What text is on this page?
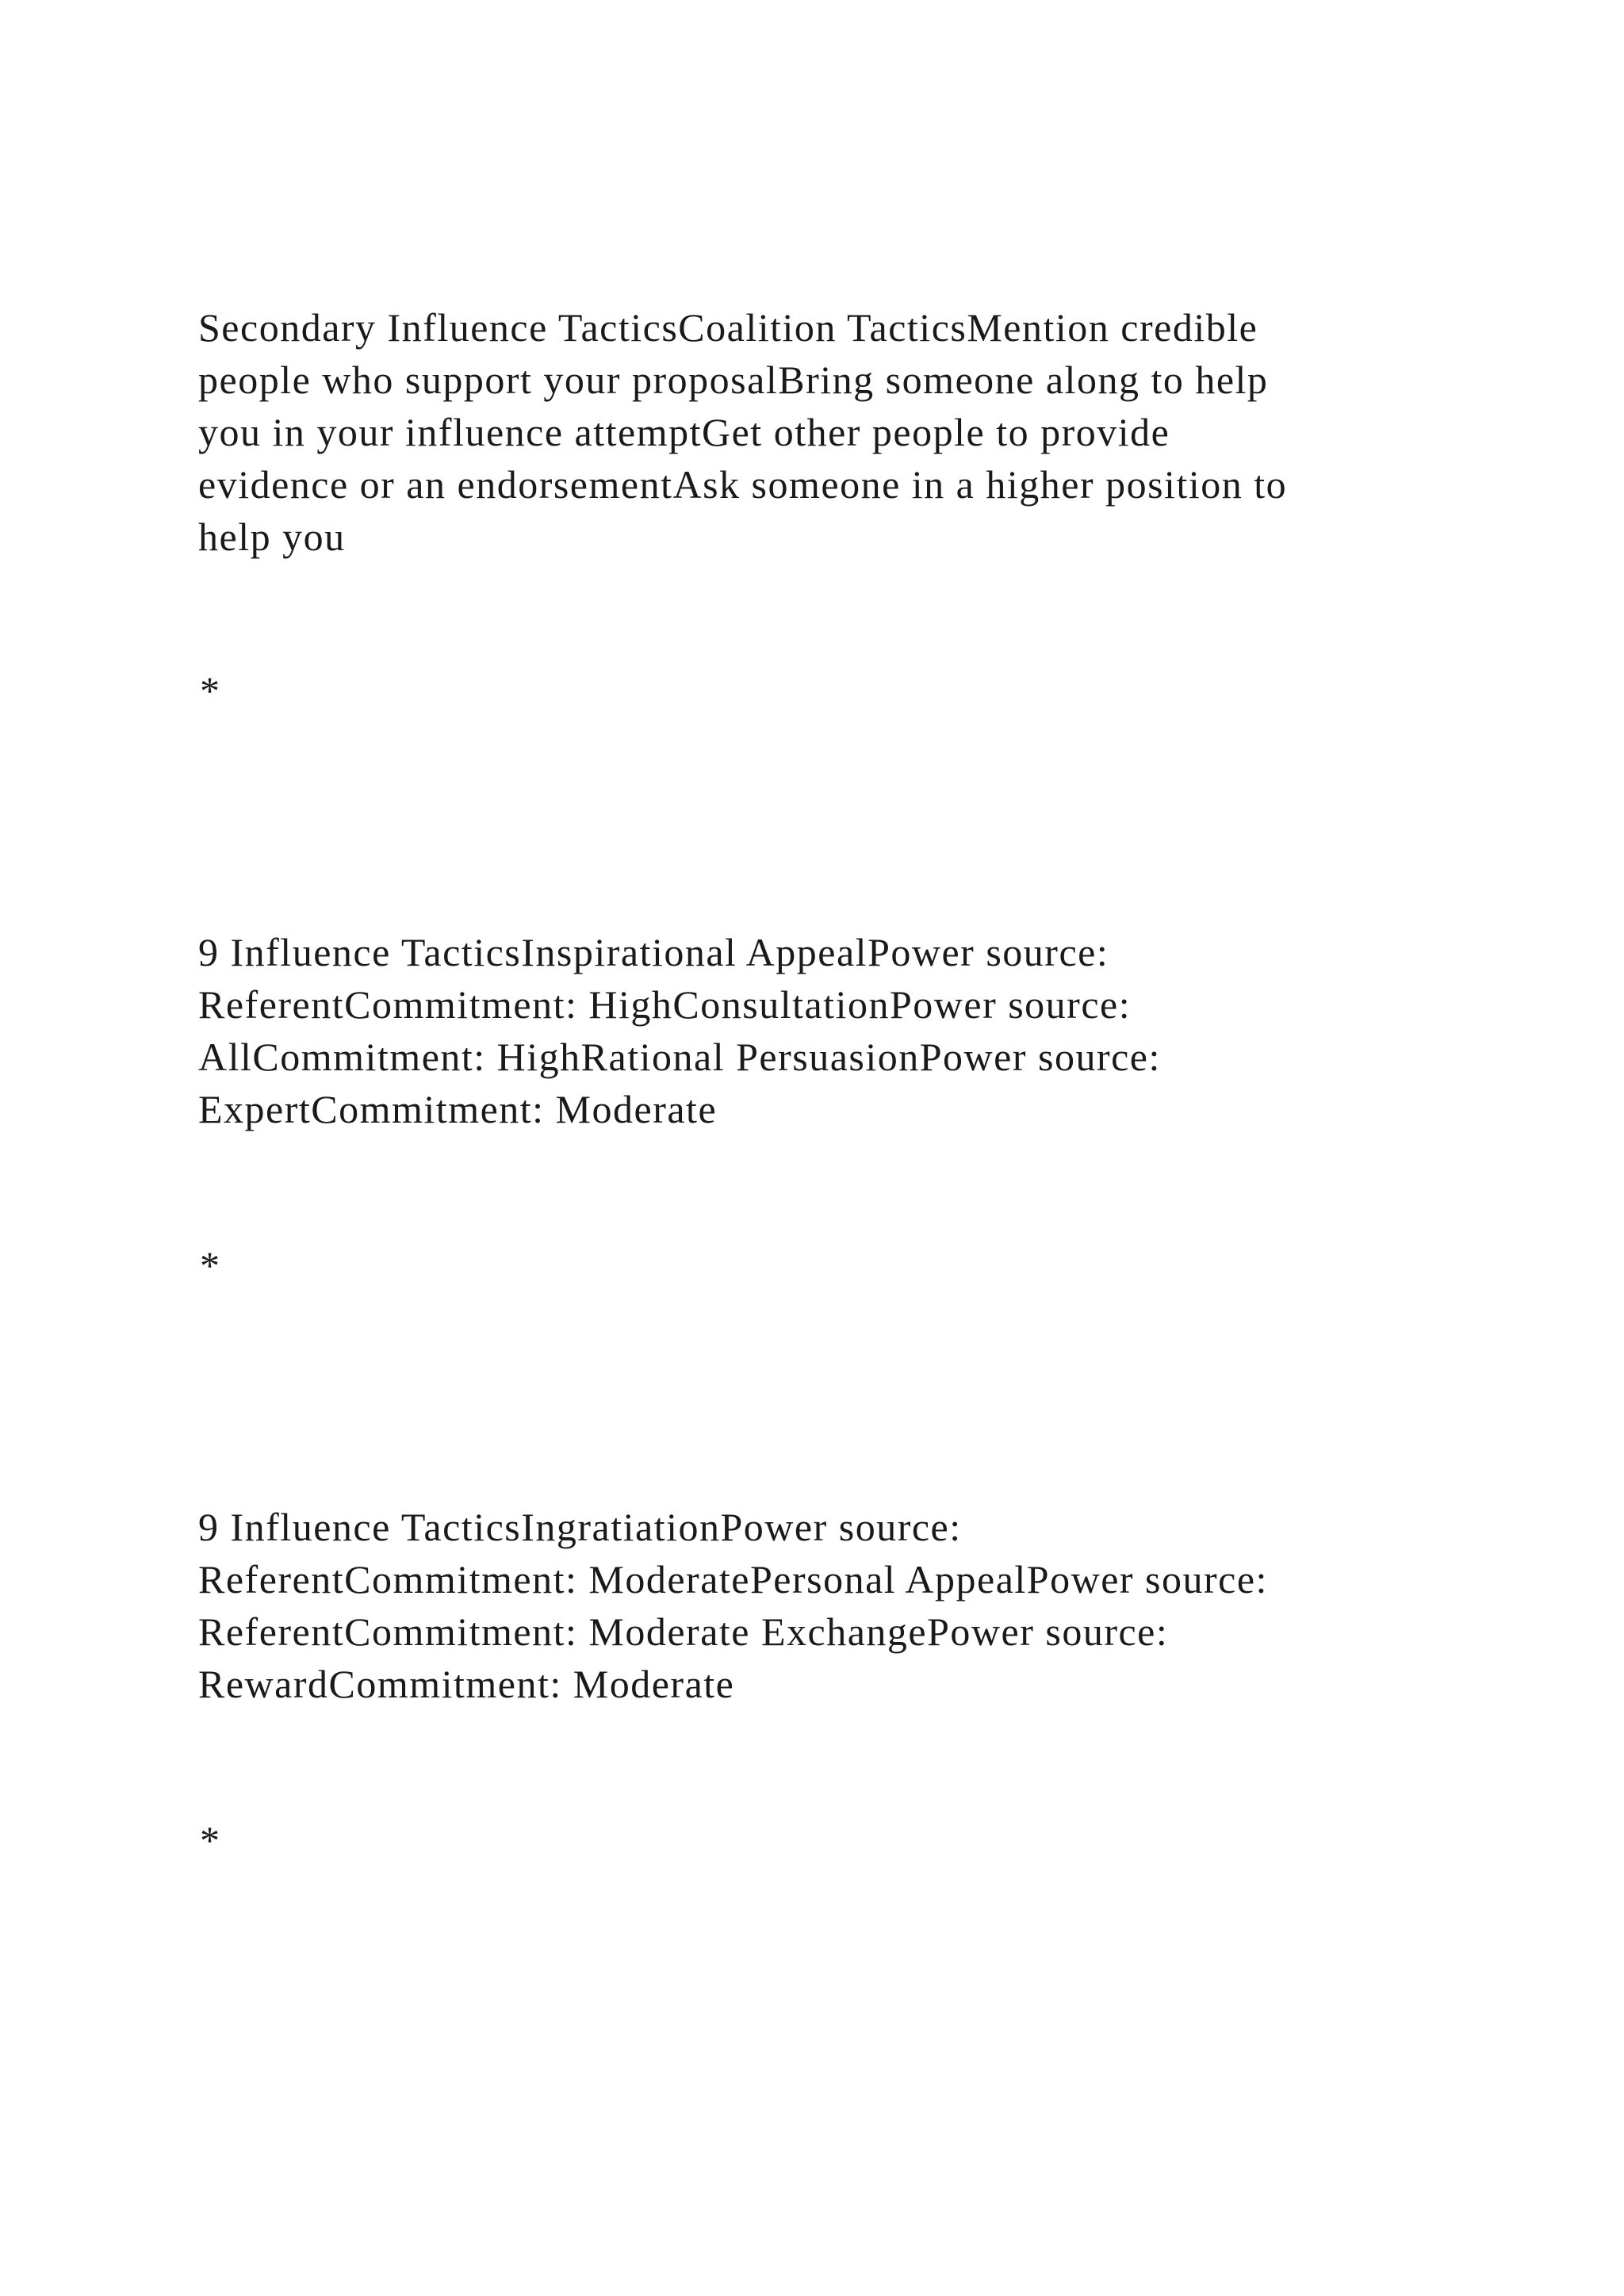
Secondary Influence TacticsCoalition TacticsMention credible
people who support your proposalBring someone along to help
you in your influence attemptGet other people to provide
evidence or an endorsementAsk someone in a higher position to
help you

*

9 Influence TacticsInspirational AppealPower source:
ReferentCommitment: HighConsultationPower source:
AllCommitment: HighRational PersuasionPower source:
ExpertCommitment: Moderate

*

9 Influence TacticsIngratiationPower source:
ReferentCommitment: ModeratePersonal AppealPower source:
ReferentCommitment: Moderate ExchangePower source:
RewardCommitment: Moderate

*
